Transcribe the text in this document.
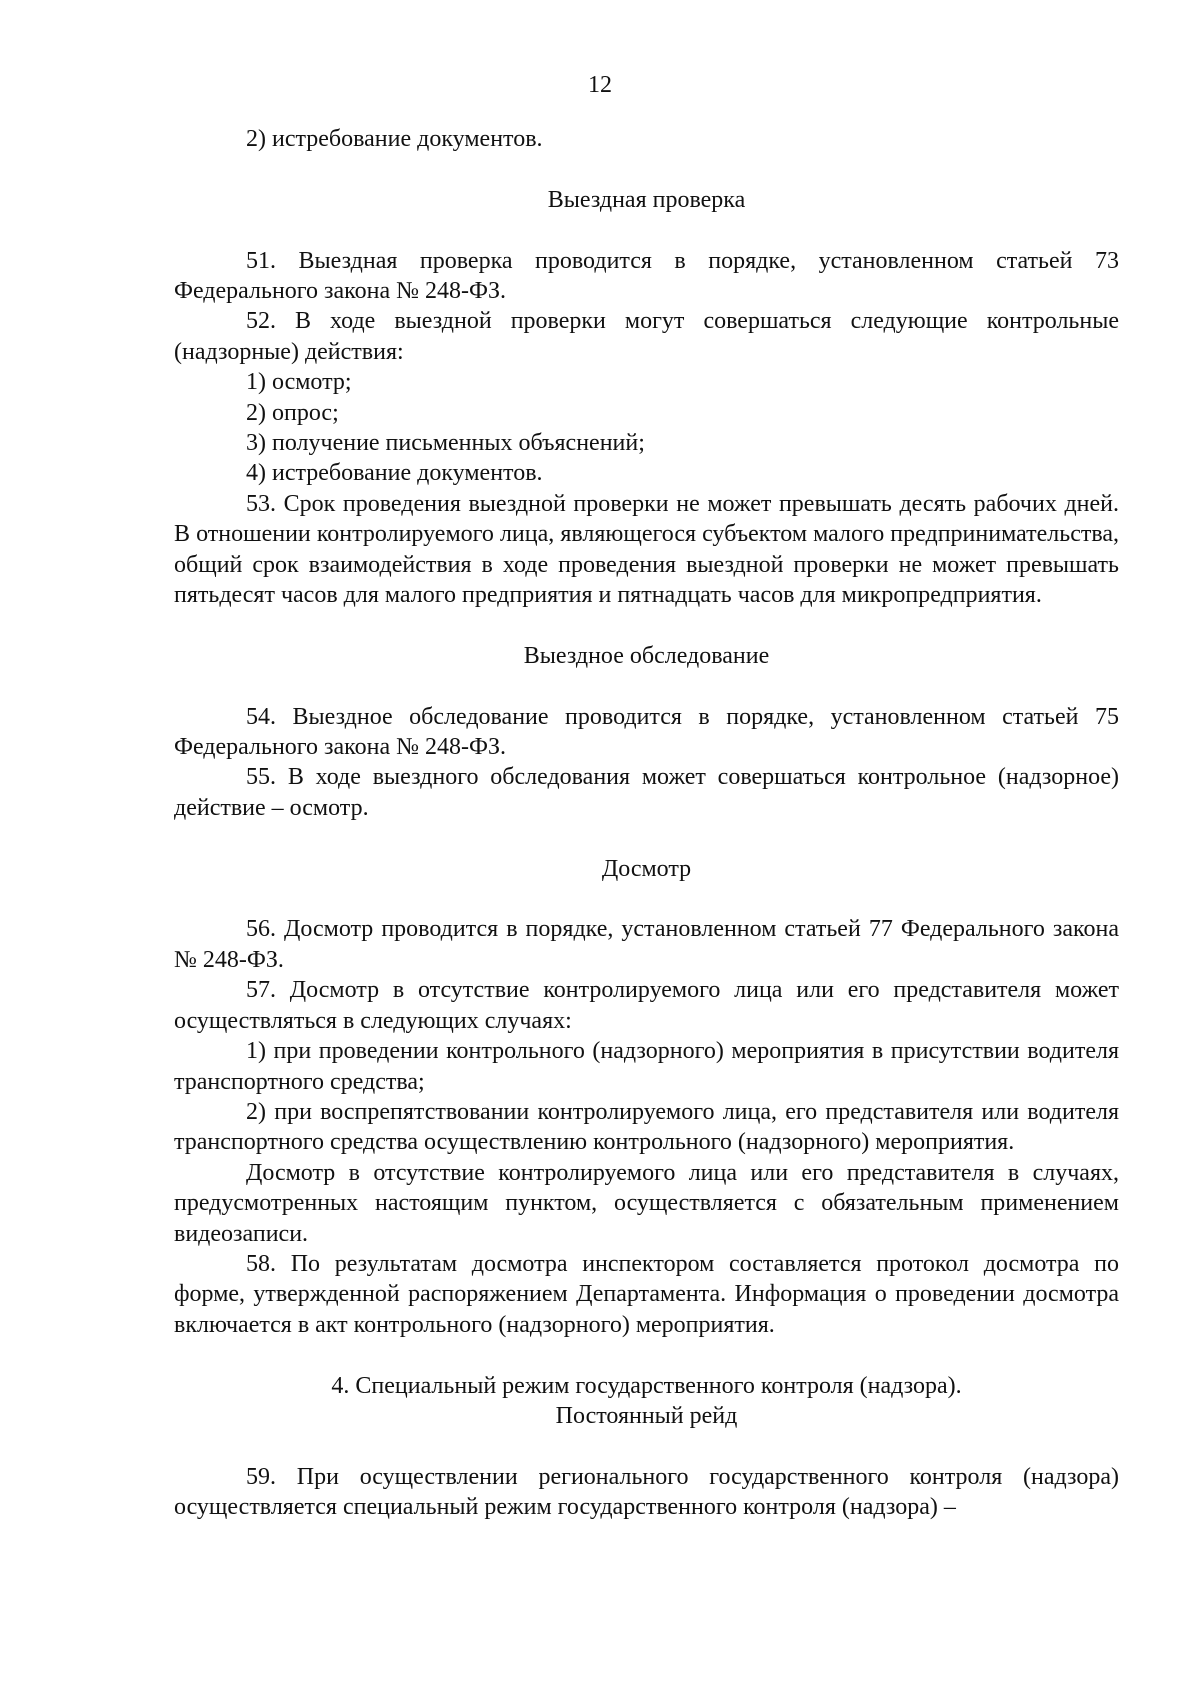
12

2) истребование документов.

Выездная проверка

51. Выездная проверка проводится в порядке, установленном статьей 73 Федерального закона № 248-ФЗ.

52. В ходе выездной проверки могут совершаться следующие контрольные (надзорные) действия:

1) осмотр;

2) опрос;

3) получение письменных объяснений;

4) истребование документов.

53. Срок проведения выездной проверки не может превышать десять рабочих дней. В отношении контролируемого лица, являющегося субъектом малого предпринимательства, общий срок взаимодействия в ходе проведения выездной проверки не может превышать пятьдесят часов для малого предприятия и пятнадцать часов для микропредприятия.

Выездное обследование

54. Выездное обследование проводится в порядке, установленном статьей 75 Федерального закона № 248-ФЗ.

55. В ходе выездного обследования может совершаться контрольное (надзорное) действие – осмотр.

Досмотр

56. Досмотр проводится в порядке, установленном статьей 77 Федерального закона № 248-ФЗ.

57. Досмотр в отсутствие контролируемого лица или его представителя может осуществляться в следующих случаях:

1) при проведении контрольного (надзорного) мероприятия в присутствии водителя транспортного средства;

2) при воспрепятствовании контролируемого лица, его представителя или водителя транспортного средства осуществлению контрольного (надзорного) мероприятия.

Досмотр в отсутствие контролируемого лица или его представителя в случаях, предусмотренных настоящим пунктом, осуществляется с обязательным применением видеозаписи.

58. По результатам досмотра инспектором составляется протокол досмотра по форме, утвержденной распоряжением Департамента. Информация о проведении досмотра включается в акт контрольного (надзорного) мероприятия.

4. Специальный режим государственного контроля (надзора).

Постоянный рейд

59. При осуществлении регионального государственного контроля (надзора) осуществляется специальный режим государственного контроля (надзора) –
